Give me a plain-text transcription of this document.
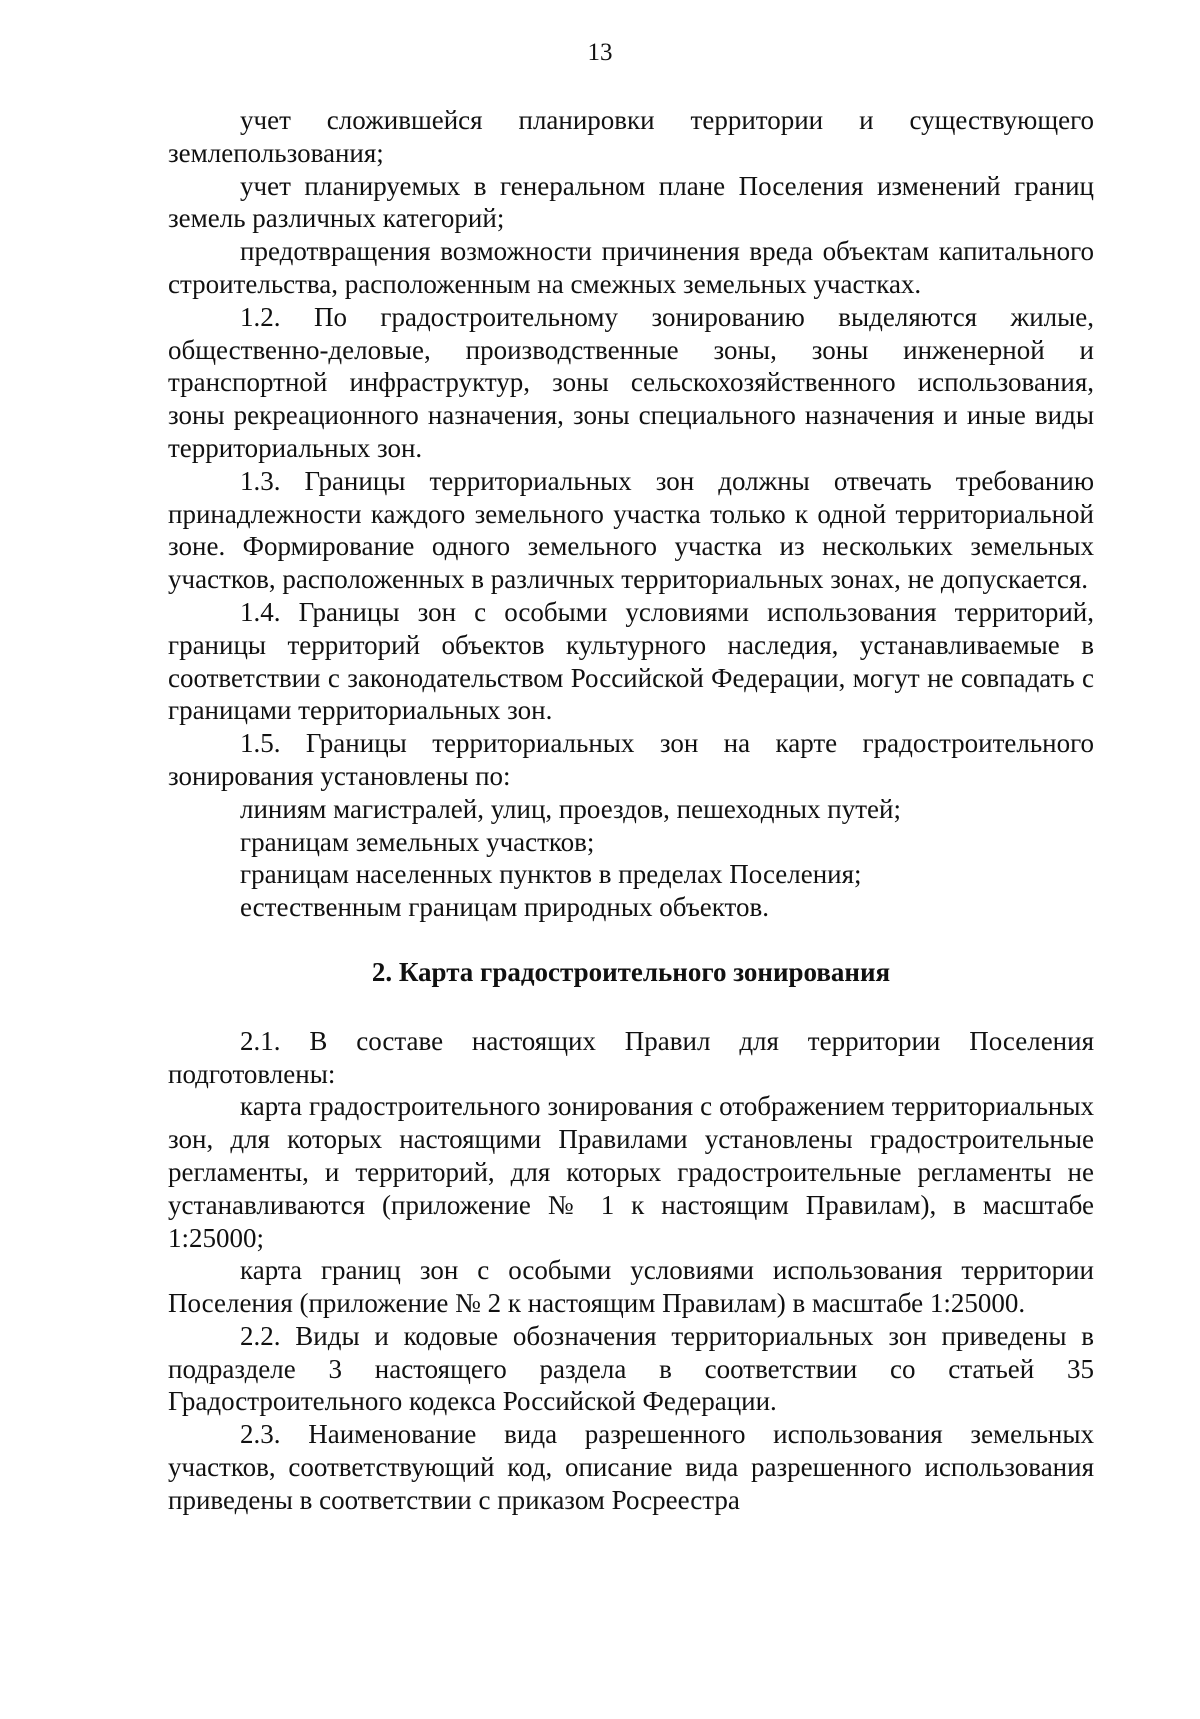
13

учет сложившейся планировки территории и существующего землепользования;

учет планируемых в генеральном плане Поселения изменений границ земель различных категорий;

предотвращения возможности причинения вреда объектам капитального строительства, расположенным на смежных земельных участках.

1.2. По градостроительному зонированию выделяются жилые, общественно-деловые, производственные зоны, зоны инженерной и транспортной инфраструктур, зоны сельскохозяйственного использования, зоны рекреационного назначения, зоны специального назначения и иные виды территориальных зон.

1.3. Границы территориальных зон должны отвечать требованию принадлежности каждого земельного участка только к одной территориальной зоне. Формирование одного земельного участка из нескольких земельных участков, расположенных в различных территориальных зонах, не допускается.

1.4. Границы зон с особыми условиями использования территорий, границы территорий объектов культурного наследия, устанавливаемые в соответствии с законодательством Российской Федерации, могут не совпадать с границами территориальных зон.

1.5. Границы территориальных зон на карте градостроительного зонирования установлены по:

линиям магистралей, улиц, проездов, пешеходных путей;

границам земельных участков;

границам населенных пунктов в пределах Поселения;

естественным границам природных объектов.

2. Карта градостроительного зонирования

2.1. В составе настоящих Правил для территории Поселения подготовлены:

карта градостроительного зонирования с отображением территориальных зон, для которых настоящими Правилами установлены градостроительные регламенты, и территорий, для которых градостроительные регламенты не устанавливаются (приложение № 1 к настоящим Правилам), в масштабе 1:25000;

карта границ зон с особыми условиями использования территории Поселения (приложение № 2 к настоящим Правилам) в масштабе 1:25000.

2.2. Виды и кодовые обозначения территориальных зон приведены в подразделе 3 настоящего раздела в соответствии со статьей 35 Градостроительного кодекса Российской Федерации.

2.3. Наименование вида разрешенного использования земельных участков, соответствующий код, описание вида разрешенного использования приведены в соответствии с приказом Росреестра
